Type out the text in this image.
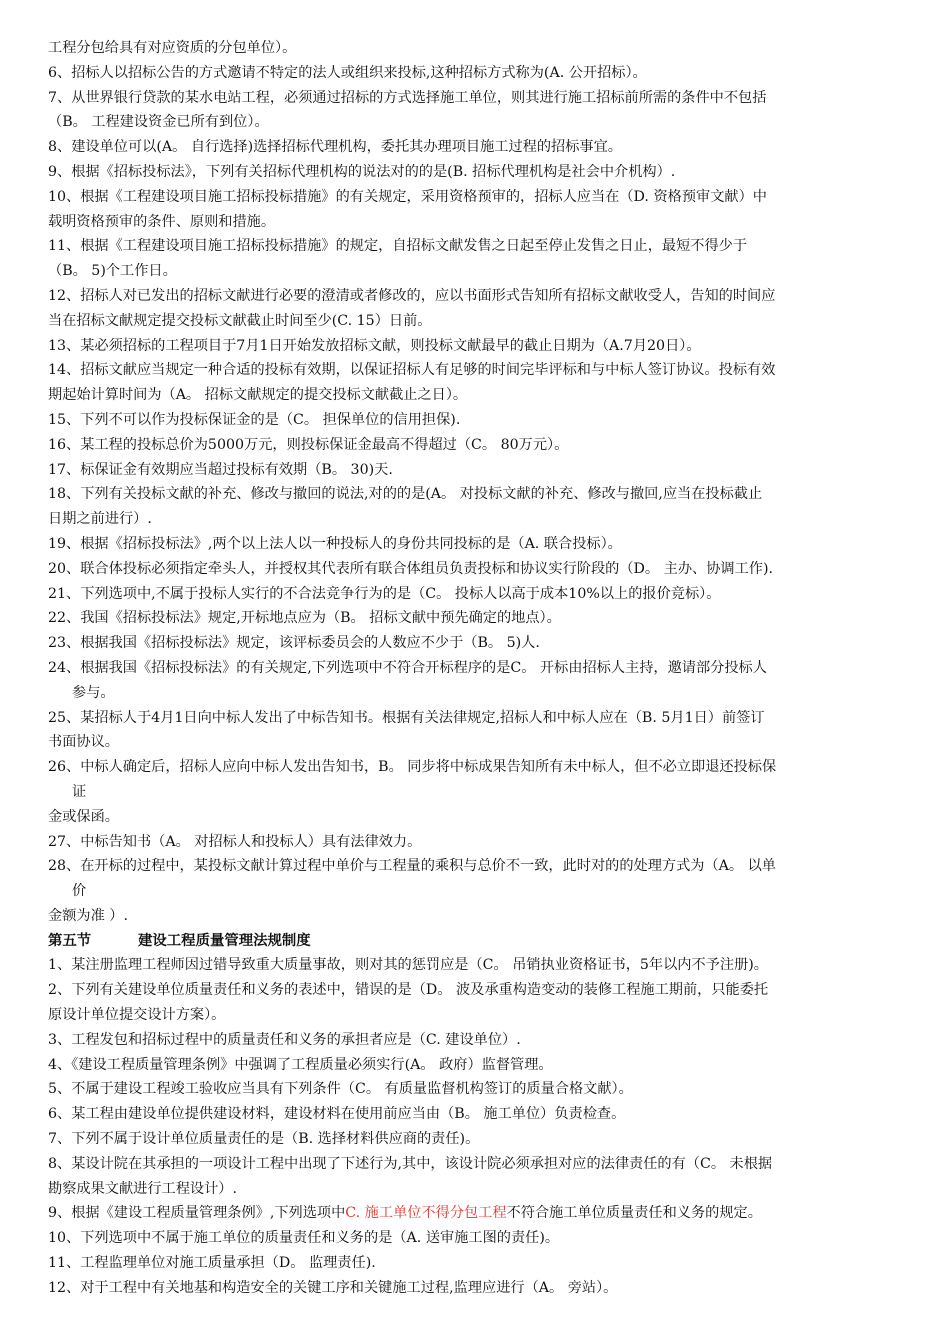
工程分包给具有对应资质的分包单位）。
6、招标人以招标公告的方式邀请不特定的法人或组织来投标,这种招标方式称为(A. 公开招标）。
7、从世界银行贷款的某水电站工程，必须通过招标的方式选择施工单位，则其进行施工招标前所需的条件中不包括
（B。 工程建设资金已所有到位）。
8、建设单位可以(A。 自行选择)选择招标代理机构，委托其办理项目施工过程的招标事宜。
9、根据《招标投标法》，下列有关招标代理机构的说法对的的是(B. 招标代理机构是社会中介机构）.
10、根据《工程建设项目施工招标投标措施》的有关规定，采用资格预审的，招标人应当在（D. 资格预审文献）中
载明资格预审的条件、原则和措施。
11、根据《工程建设项目施工招标投标措施》的规定，自招标文献发售之日起至停止发售之日止，最短不得少于
（B。 5)个工作日。
12、招标人对已发出的招标文献进行必要的澄清或者修改的，应以书面形式告知所有招标文献收受人，告知的时间应
当在招标文献规定提交投标文献截止时间至少(C. 15）日前。
13、某必须招标的工程项目于7月1日开始发放招标文献，则投标文献最早的截止日期为（A.7月20日）。
14、招标文献应当规定一种合适的投标有效期，以保证招标人有足够的时间完毕评标和与中标人签订协议。投标有效
期起始计算时间为（A。 招标文献规定的提交投标文献截止之日）。
15、下列不可以作为投标保证金的是（C。 担保单位的信用担保).
16、某工程的投标总价为5000万元，则投标保证金最高不得超过（C。 80万元）。
17、标保证金有效期应当超过投标有效期（B。 30)天.
18、下列有关投标文献的补充、修改与撤回的说法,对的的是(A。 对投标文献的补充、修改与撤回,应当在投标截止
日期之前进行）.
19、根据《招标投标法》,两个以上法人以一种投标人的身份共同投标的是（A. 联合投标）。
20、联合体投标必须指定牵头人，并授权其代表所有联合体组员负责投标和协议实行阶段的（D。 主办、协调工作).
21、下列选项中,不属于投标人实行的不合法竞争行为的是（C。 投标人以高于成本10%以上的报价竞标）。
22、我国《招标投标法》规定,开标地点应为（B。 招标文献中预先确定的地点）。
23、根据我国《招标投标法》规定，该评标委员会的人数应不少于（B。 5)人.
24、根据我国《招标投标法》的有关规定,下列选项中不符合开标程序的是C。 开标由招标人主持，邀请部分投标人
参与。
25、某招标人于4月1日向中标人发出了中标告知书。根据有关法律规定,招标人和中标人应在（B. 5月1日）前签订
书面协议。
26、中标人确定后，招标人应向中标人发出告知书，B。 同步将中标成果告知所有未中标人，但不必立即退还投标保
证
金或保函。
27、中标告知书（A。 对招标人和投标人）具有法律效力。
28、在开标的过程中，某投标文献计算过程中单价与工程量的乘积与总价不一致，此时对的的处理方式为（A。 以单
价
金额为准 ）.
第五节	建设工程质量管理法规制度
1、某注册监理工程师因过错导致重大质量事故，则对其的惩罚应是（C。 吊销执业资格证书，5年以内不予注册)。
2、下列有关建设单位质量责任和义务的表述中，错误的是（D。 波及承重构造变动的装修工程施工期前，只能委托
原设计单位提交设计方案）。
3、工程发包和招标过程中的质量责任和义务的承担者应是（C. 建设单位）.
4、《建设工程质量管理条例》中强调了工程质量必须实行(A。 政府）监督管理。
5、不属于建设工程竣工验收应当具有下列条件（C。 有质量监督机构签订的质量合格文献）。
6、某工程由建设单位提供建设材料，建设材料在使用前应当由（B。 施工单位）负责检查。
7、下列不属于设计单位质量责任的是（B. 选择材料供应商的责任)。
8、某设计院在其承担的一项设计工程中出现了下述行为,其中，该设计院必须承担对应的法律责任的有（C。 未根据
勘察成果文献进行工程设计）.
9、根据《建设工程质量管理条例》,下列选项中C. 施工单位不得分包工程不符合施工单位质量责任和义务的规定。
10、下列选项中不属于施工单位的质量责任和义务的是（A. 送审施工图的责任)。
11、工程监理单位对施工质量承担（D。 监理责任).
12、对于工程中有关地基和构造安全的关键工序和关键施工过程,监理应进行（A。 旁站）。
